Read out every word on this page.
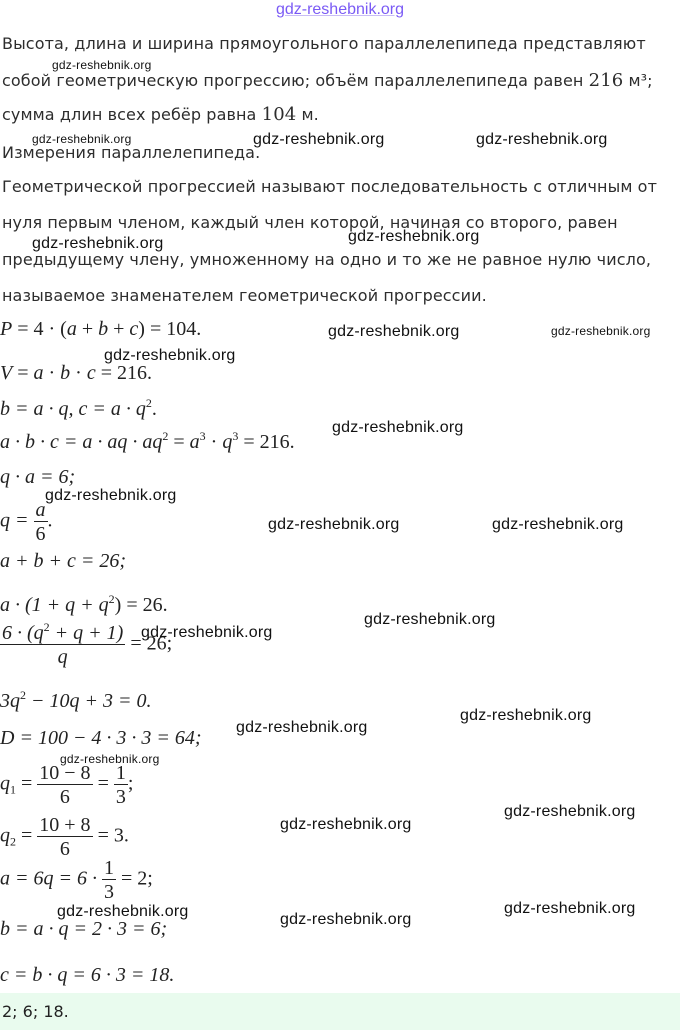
gdz-reshebnik.org
Высота, длина и ширина прямоугольного параллелепипеда представляют
собой геометрическую прогрессию; объём параллелепипеда равен 216 м³;
сумма длин всех ребёр равна 104 м.
Измерения параллелепипеда.
Геометрической прогрессией называют последовательность с отличным от
нуля первым членом, каждый член которой, начиная со второго, равен
предыдущему члену, умноженному на одно и то же не равное нулю число,
называемое знаменателем геометрической прогрессии.
P = 4 · (a + b + c) = 104.
V = a · b · c = 216.
b = a · q, $c = a \cdot q^2$.
a · b · c = a · aq · $aq^2 = a^3 \cdot q^3 = 216$.
q · a = 6;
$q = \frac{a}{6}$ .
a + b + c = 26;
$a \cdot (1 + q + q^2) = 26$.
$\frac{6 \cdot (q^2 + q + 1)}{q} = 26$;
$3q^2 - 10q + 3 = 0$.
D = 100 − 4 · 3 · 3 = 64;
$q_1 = \frac{10 - 8}{6} = \frac{1}{3}$ ;
$q_2 = \frac{10 + 8}{6} = 3$.
$a = 6q = 6 \cdot \frac{1}{3} = 2$;
b = a · q = 2 · 3 = 6;
c = b · q = 6 · 3 = 18.
2; 6; 18.
gdz-reshebnik.org
gdz-reshebnik.org	gdz-reshebnik.org	gdz-reshebnik.org
gdz-reshebnik.org
gdz-reshebnik.org
gdz-reshebnik.org	gdz-reshebnik.org
gdz-reshebnik.org
gdz-reshebnik.org
gdz-reshebnik.org
gdz-reshebnik.org	gdz-reshebnik.org
gdz-reshebnik.org
gdz-reshebnik.org
gdz-reshebnik.org
gdz-reshebnik.org
gdz-reshebnik.org
gdz-reshebnik.org
gdz-reshebnik.org
gdz-reshebnik.org
gdz-reshebnik.org	gdz-reshebnik.org
